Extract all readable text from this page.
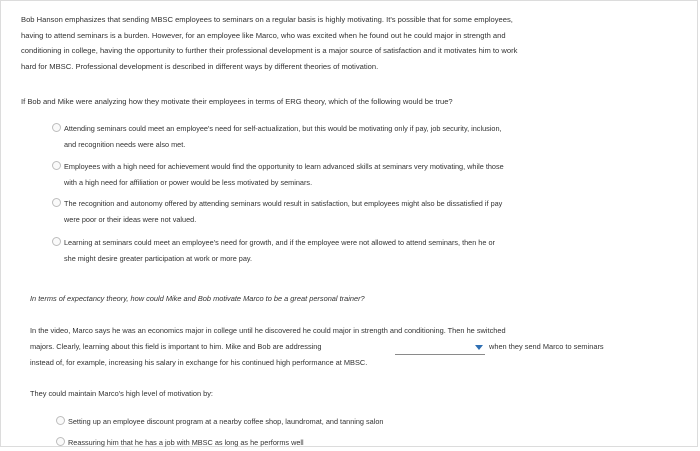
Bob Hanson emphasizes that sending MBSC employees to seminars on a regular basis is highly motivating. It's possible that for some employees,
having to attend seminars is a burden. However, for an employee like Marco, who was excited when he found out he could major in strength and
conditioning in college, having the opportunity to further their professional development is a major source of satisfaction and it motivates him to work
hard for MBSC. Professional development is described in different ways by different theories of motivation.
If Bob and Mike were analyzing how they motivate their employees in terms of ERG theory, which of the following would be true?
Attending seminars could meet an employee's need for self-actualization, but this would be motivating only if pay, job security, inclusion,
and recognition needs were also met.
Employees with a high need for achievement would find the opportunity to learn advanced skills at seminars very motivating, while those
with a high need for affiliation or power would be less motivated by seminars.
The recognition and autonomy offered by attending seminars would result in satisfaction, but employees might also be dissatisfied if pay
were poor or their ideas were not valued.
Learning at seminars could meet an employee's need for growth, and if the employee were not allowed to attend seminars, then he or
she might desire greater participation at work or more pay.
In terms of expectancy theory, how could Mike and Bob motivate Marco to be a great personal trainer?
In the video, Marco says he was an economics major in college until he discovered he could major in strength and conditioning. Then he switched
majors. Clearly, learning about this field is important to him. Mike and Bob are addressing	when they send Marco to seminars
instead of, for example, increasing his salary in exchange for his continued high performance at MBSC.
They could maintain Marco's high level of motivation by:
Setting up an employee discount program at a nearby coffee shop, laundromat, and tanning salon
Reassuring him that he has a job with MBSC as long as he performs well
